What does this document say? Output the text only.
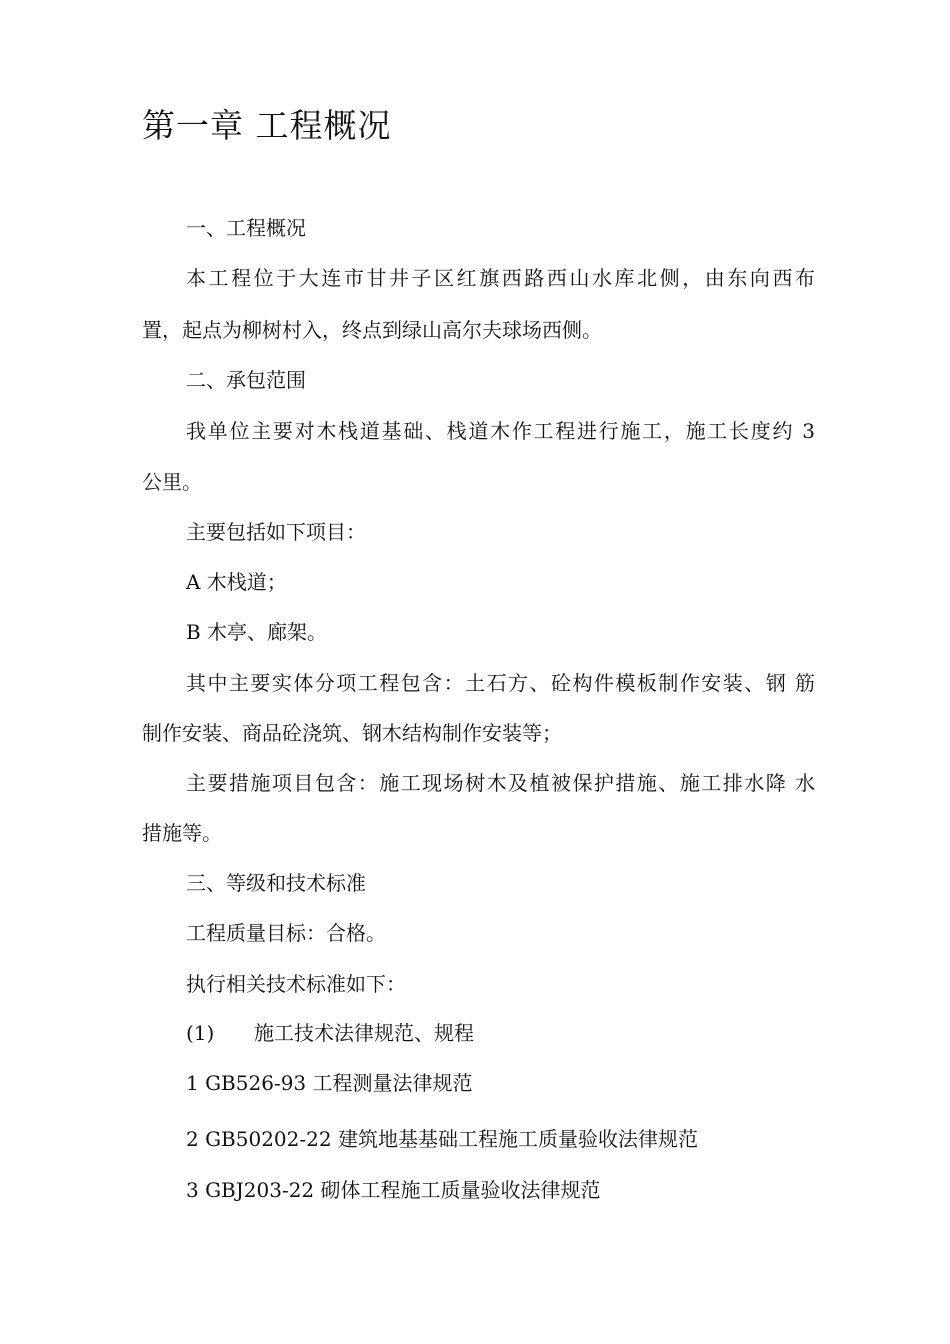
第一章 工程概况

一、工程概况

本工程位于大连市甘井子区红旗西路西山水库北侧，由东向西布

置，起点为柳树村入，终点到绿山高尔夫球场西侧。

二、承包范围

我单位主要对木栈道基础、栈道木作工程进行施工，施工长度约 3

公里。

主要包括如下项目：

A 木栈道；

B 木亭、廊架。

其中主要实体分项工程包含：土石方、砼构件模板制作安装、钢 筋

制作安装、商品砼浇筑、钢木结构制作安装等；

主要措施项目包含：施工现场树木及植被保护措施、施工排水降 水

措施等。

三、等级和技术标准

工程质量目标：合格。

执行相关技术标准如下：

(1) 施工技术法律规范、规程

1 GB526-93 工程测量法律规范

2 GB50202-22 建筑地基基础工程施工质量验收法律规范

3 GBJ203-22 砌体工程施工质量验收法律规范
